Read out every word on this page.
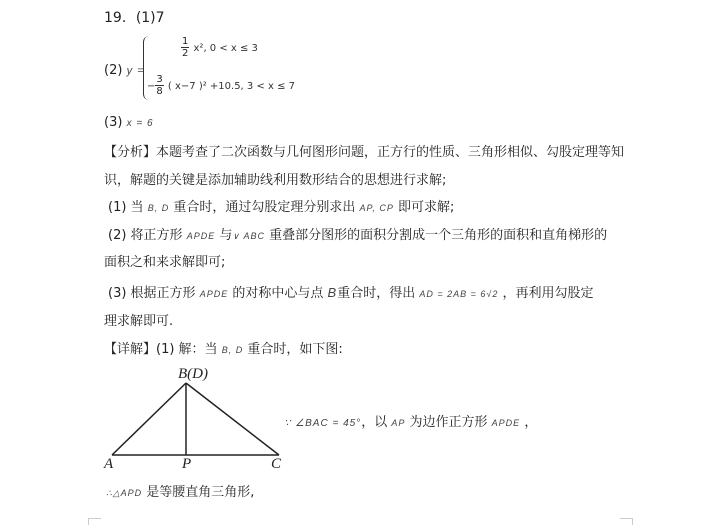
19．(1)7
(2) y =
$\frac{1}{2} x^2$, 0 < x ≤ 3
− $\frac{3}{8}$ ( x−7 )² +10.5, 3 < x ≤ 7
(3) x = 6
【分析】本题考查了二次函数与几何图形问题，正方行的性质、三角形相似、勾股定理等知
识，解题的关键是添加辅助线利用数形结合的思想进行求解;
(1) 当 B, D 重合时，通过勾股定理分别求出 AP, CP 即可求解;
(2) 将正方形 APDE 与∨ ABC 重叠部分图形的面积分割成一个三角形的面积和直角梯形的
面积之和来求解即可;
(3) 根据正方形 APDE 的对称中心与点 B重合时，得出 AD = 2AB = 6√2 ，再利用勾股定
理求解即可.
【详解】(1) 解：当 B, D 重合时，如下图:
B(D)
A	P	C
∵ ∠BAC = 45°，以 AP 为边作正方形 APDE ，
∴△APD 是等腰直角三角形,
